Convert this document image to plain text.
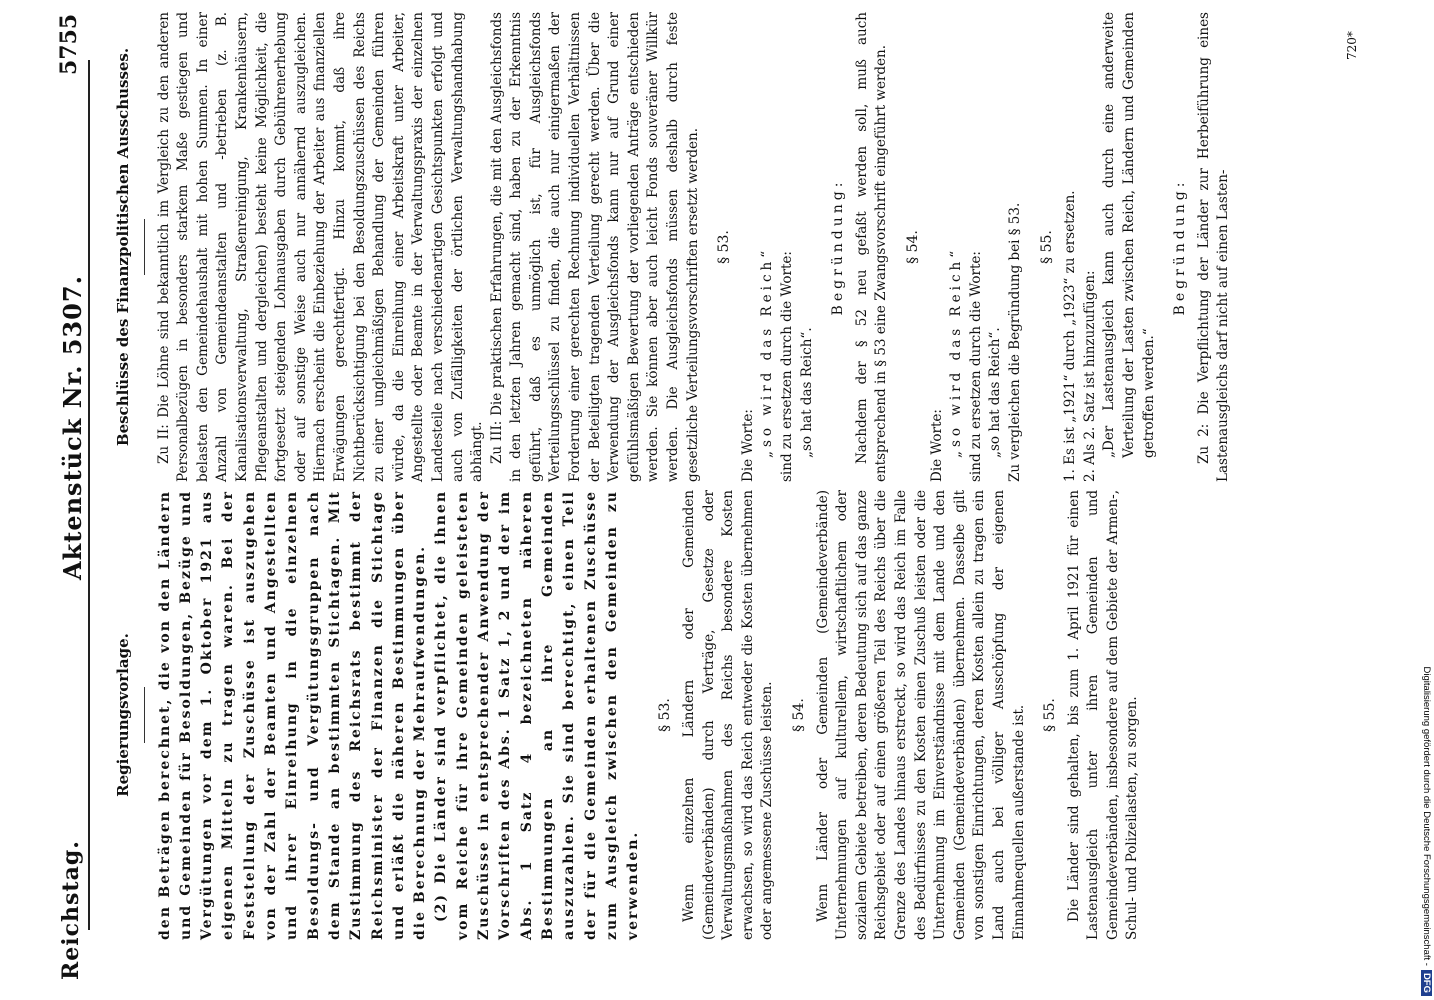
Reichstag.
Aktenstück Nr. 5307.
5755
Regierungsvorlage. den Beträgen berechnet, die von den Ländern und Gemeinden für Besoldungen, Bezüge und Vergütungen vor dem 1. Oktober 1921 aus eigenen Mitteln zu tragen waren. Bei der Feststellung der Zuschüsse ist auszugehen von der Zahl der Beamten und Angestellten und ihrer Einreihung in die einzelnen Besoldungs- und Vergütungsgruppen nach dem Stande an bestimmten Stichtagen. Mit Zustimmung des Reichsrats bestimmt der Reichsminister der Finanzen die Stichtage und erläßt die näheren Bestimmungen über die Berechnung der Mehraufwendungen. (2) Die Länder sind verpflichtet, die ihnen vom Reiche für ihre Gemeinden geleisteten Zuschüsse in entsprechender Anwendung der Vorschriften des Abs. 1 Satz 1, 2 und der im Abs. 1 Satz 4 bezeichneten näheren Bestimmungen an ihre Gemeinden auszuzahlen. Sie sind berechtigt, einen Teil der für die Gemeinden erhaltenen Zuschüsse zum Ausgleich zwischen den Gemeinden zu verwenden.

§ 53. Wenn einzelnen Ländern oder Gemeinden (Gemeindeverbänden) durch Verträge, Gesetze oder Verwaltungsmaßnahmen des Reichs besondere Kosten erwachsen, so wird das Reich entweder die Kosten übernehmen oder angemessene Zuschüsse leisten. § 54. Wenn Länder oder Gemeinden (Gemeindeverbände) Unternehmungen auf kulturellem, wirtschaftlichem oder sozialem Gebiete betreiben, deren Bedeutung sich auf das ganze Reichsgebiet oder auf einen größeren Teil des Reichs über die Grenze des Landes hinaus erstreckt, so wird das Reich im Falle des Bedürfnisses zu den Kosten einen Zuschuß leisten oder die Unternehmung im Einverständnisse mit dem Lande und den Gemeinden (Gemeindeverbänden) übernehmen. Dasselbe gilt von sonstigen Einrichtungen, deren Kosten allein zu tragen ein Land auch bei völliger Ausschöpfung der eigenen Einnahmequellen außerstande ist. § 55. Die Länder sind gehalten, bis zum 1. April 1921 für einen Lastenausgleich unter ihren Gemeinden und Gemeindeverbänden, insbesondere auf dem Gebiete der Armen-, Schul- und Polizeilasten, zu sorgen.

Beschlüsse des Finanzpolitischen Ausschusses. Zu II: Die Löhne sind bekanntlich im Vergleich zu den anderen Personalbezügen in besonders starkem Maße gestiegen und belasten den Gemeindehaushalt mit hohen Summen. In einer Anzahl von Gemeindeanstalten und -betrieben (z. B. Kanalisationsverwaltung, Straßenreinigung, Krankenhäusern, Pflegeanstalten und dergleichen) besteht keine Möglichkeit, die fortgesetzt steigenden Lohnausgaben durch Gebührenerhebung oder auf sonstige Weise auch nur annähernd auszugleichen. Hiernach erscheint die Einbeziehung der Arbeiter aus finanziellen Erwägungen gerechtfertigt. Hinzu kommt, daß ihre Nichtberücksichtigung bei den Besoldungszuschüssen des Reichs zu einer ungleichmäßigen Behandlung der Gemeinden führen würde, da die Einreihung einer Arbeitskraft unter Arbeiter, Angestellte oder Beamte in der Verwaltungspraxis der einzelnen Landesteile nach verschiedenartigen Gesichtspunkten erfolgt und auch von Zufälligkeiten der örtlichen Verwaltungshandhabung abhängt. Zu III: Die praktischen Erfahrungen, die mit den Ausgleichsfonds in den letzten Jahren gemacht sind, haben zu der Erkenntnis geführt, daß es unmöglich ist, für Ausgleichsfonds Verteilungsschlüssel zu finden, die auch nur einigermaßen der Forderung einer gerechten Rechnung individuellen Verhältnissen der Beteiligten tragenden Verteilung gerecht werden. Über die Verwendung der Ausgleichsfonds kann nur auf Grund einer gefühlsmäßigen Bewertung der vorliegenden Anträge entschieden werden. Sie können aber auch leicht Fonds souveräner Willkür werden. Die Ausgleichsfonds müssen deshalb durch feste gesetzliche Verteilungsvorschriften ersetzt werden. § 53.

Die Worte: „so wird das Reich“ sind zu ersetzen durch die Worte: „so hat das Reich“.

Begründung: Nachdem der § 52 neu gefaßt werden soll, muß auch entsprechend in § 53 eine Zwangsvorschrift eingeführt werden. § 54.

Die Worte: „so wird das Reich“ sind zu ersetzen durch die Worte: „so hat das Reich“. Zu vergleichen die Begründung bei § 53. § 55. 1. Es ist „1921“ durch „1923“ zu ersetzen. 2. Als 2. Satz ist hinzuzufügen: „Der Lastenausgleich kann auch durch eine anderweite Verteilung der Lasten zwischen Reich, Ländern und Gemeinden getroffen werden.“

Begründung: Zu 2: Die Verpflichtung der Länder zur Herbeiführung eines Lastenausgleichs darf nicht auf einen Lasten-

720*
Digitalisierung gefördert durch die Deutsche Forschungsgemeinschaft -DFG
